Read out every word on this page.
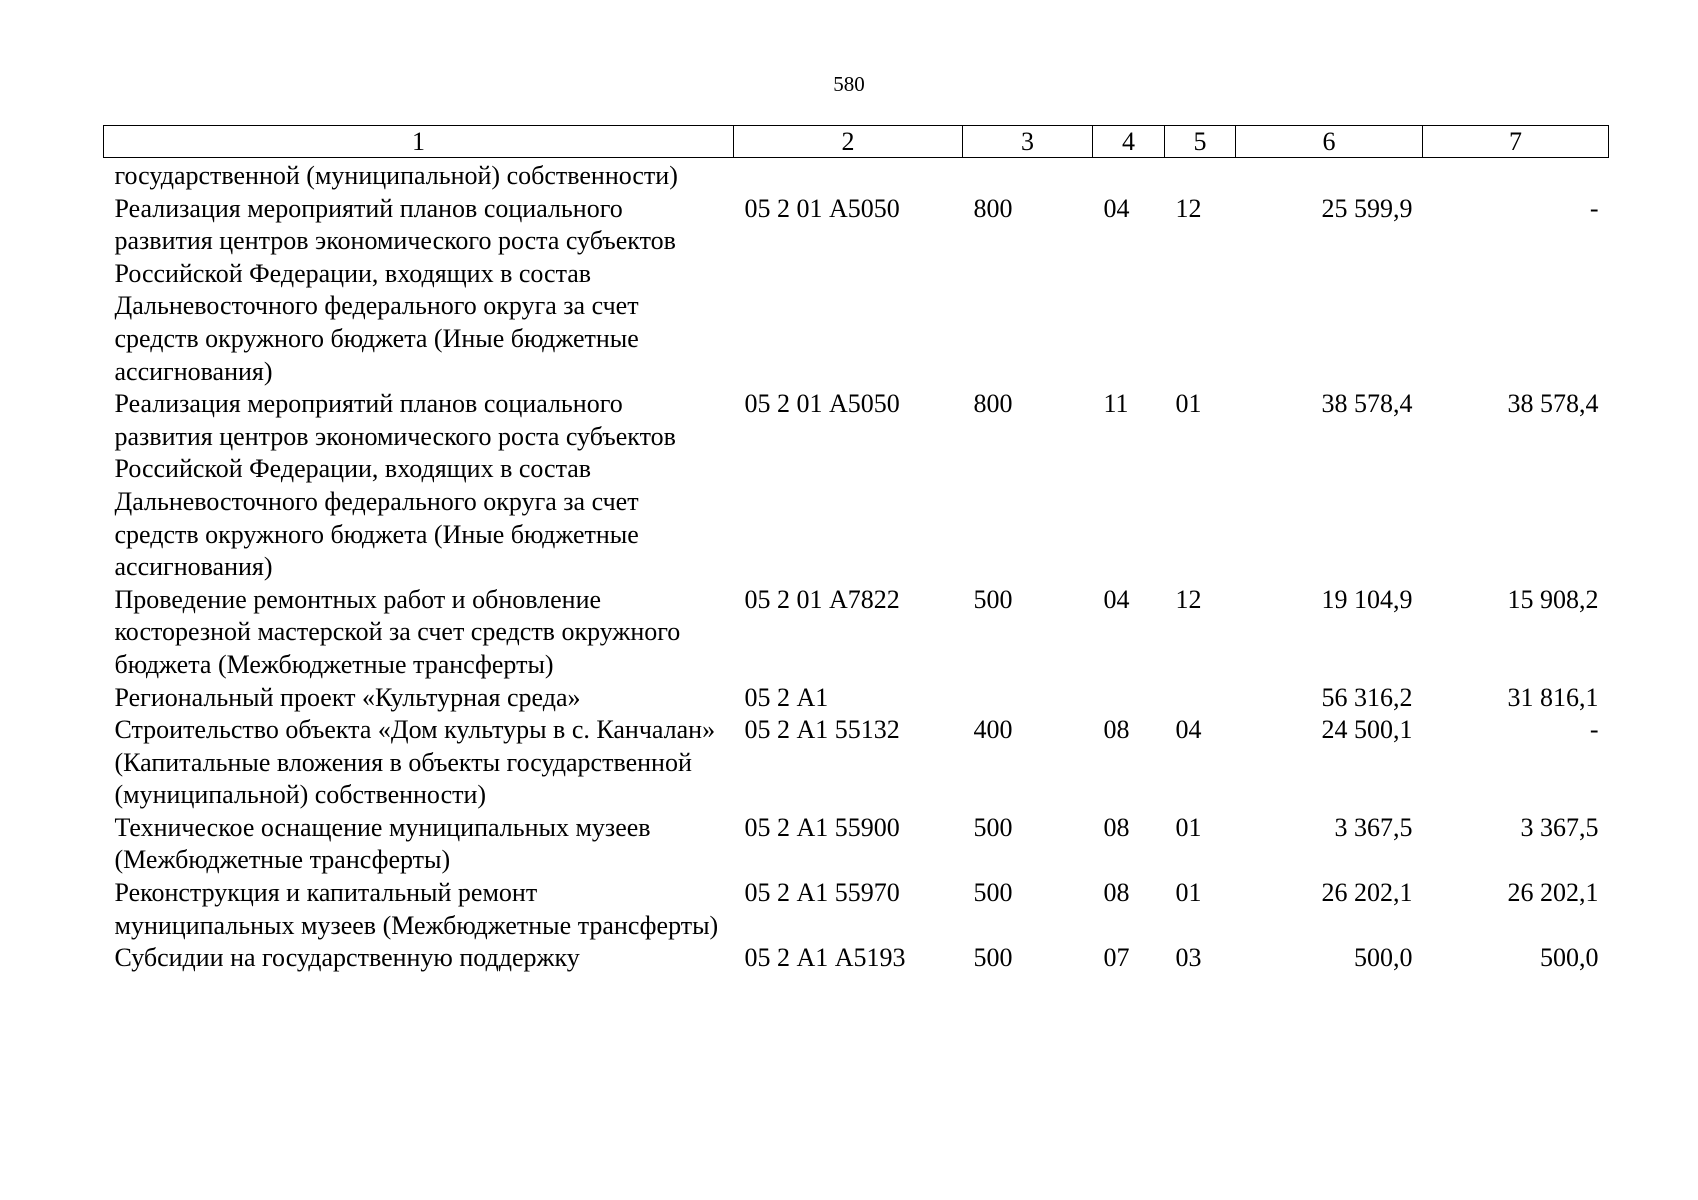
580
1	2	3	4	5	6	7
государственной (муниципальной) собственности)						
Реализация мероприятий планов социального развития центров экономического роста субъектов Российской Федерации, входящих в состав Дальневосточного федерального округа за счет средств окружного бюджета (Иные бюджетные ассигнования)	05 2 01 А5050	800	04	12	25 599,9	-
Реализация мероприятий планов социального развития центров экономического роста субъектов Российской Федерации, входящих в состав Дальневосточного федерального округа за счет средств окружного бюджета (Иные бюджетные ассигнования)	05 2 01 А5050	800	11	01	38 578,4	38 578,4
Проведение ремонтных работ и обновление косторезной мастерской за счет средств окружного бюджета (Межбюджетные трансферты)	05 2 01 А7822	500	04	12	19 104,9	15 908,2
Региональный проект «Культурная среда»	05 2 А1				56 316,2	31 816,1
Строительство объекта «Дом культуры в с. Канчалан» (Капитальные вложения в объекты государственной (муниципальной) собственности)	05 2 А1 55132	400	08	04	24 500,1	-
Техническое оснащение муниципальных музеев (Межбюджетные трансферты)	05 2 А1 55900	500	08	01	3 367,5	3 367,5
Реконструкция и капитальный ремонт муниципальных музеев (Межбюджетные трансферты)	05 2 А1 55970	500	08	01	26 202,1	26 202,1
Субсидии на государственную поддержку	05 2 А1 А5193	500	07	03	500,0	500,0
